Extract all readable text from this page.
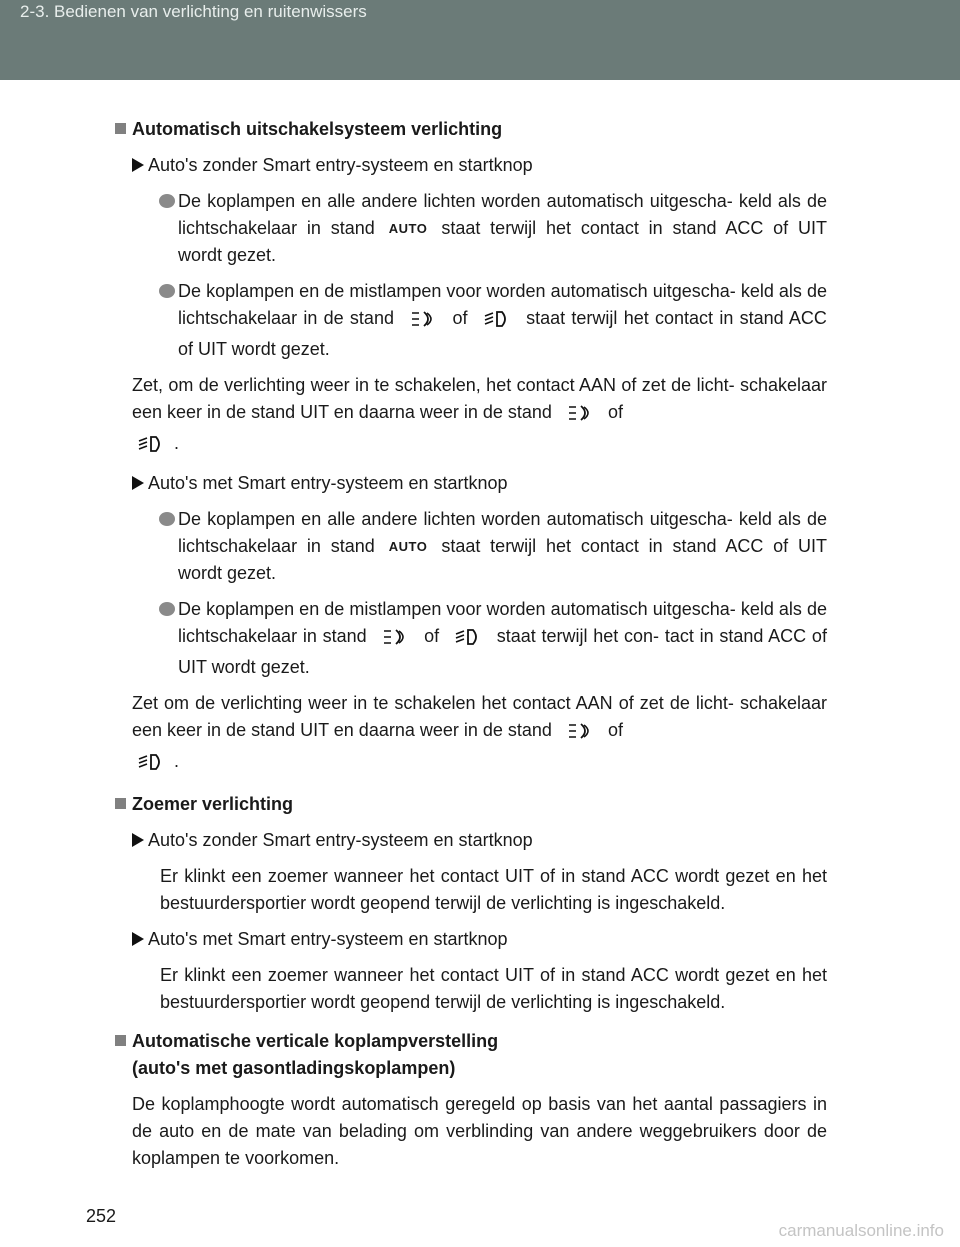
2-3. Bedienen van verlichting en ruitenwissers
Automatisch uitschakelsysteem verlichting
Auto's zonder Smart entry-systeem en startknop
De koplampen en alle andere lichten worden automatisch uitgescha- keld als de lichtschakelaar in stand AUTO staat terwijl het contact in stand ACC of UIT wordt gezet.
De koplampen en de mistlampen voor worden automatisch uitgescha- keld als de lichtschakelaar in de stand	of	staat terwijl het contact in stand ACC of UIT wordt gezet.
Zet, om de verlichting weer in te schakelen, het contact AAN of zet de licht- schakelaar een keer in de stand UIT en daarna weer in de stand	of
.
Auto's met Smart entry-systeem en startknop
De koplampen en alle andere lichten worden automatisch uitgescha- keld als de lichtschakelaar in stand AUTO staat terwijl het contact in stand ACC of UIT wordt gezet.
De koplampen en de mistlampen voor worden automatisch uitgescha- keld als de lichtschakelaar in stand	of	staat terwijl het con- tact in stand ACC of UIT wordt gezet.
Zet om de verlichting weer in te schakelen het contact AAN of zet de licht- schakelaar een keer in de stand UIT en daarna weer in de stand	of
.
Zoemer verlichting
Auto's zonder Smart entry-systeem en startknop
Er klinkt een zoemer wanneer het contact UIT of in stand ACC wordt gezet en het bestuurdersportier wordt geopend terwijl de verlichting is ingeschakeld.
Auto's met Smart entry-systeem en startknop
Er klinkt een zoemer wanneer het contact UIT of in stand ACC wordt gezet en het bestuurdersportier wordt geopend terwijl de verlichting is ingeschakeld.
Automatische verticale koplampverstelling
(auto's met gasontladingskoplampen)
De koplamphoogte wordt automatisch geregeld op basis van het aantal passagiers in de auto en de mate van belading om verblinding van andere weggebruikers door de koplampen te voorkomen.
252
carmanualsonline.info
